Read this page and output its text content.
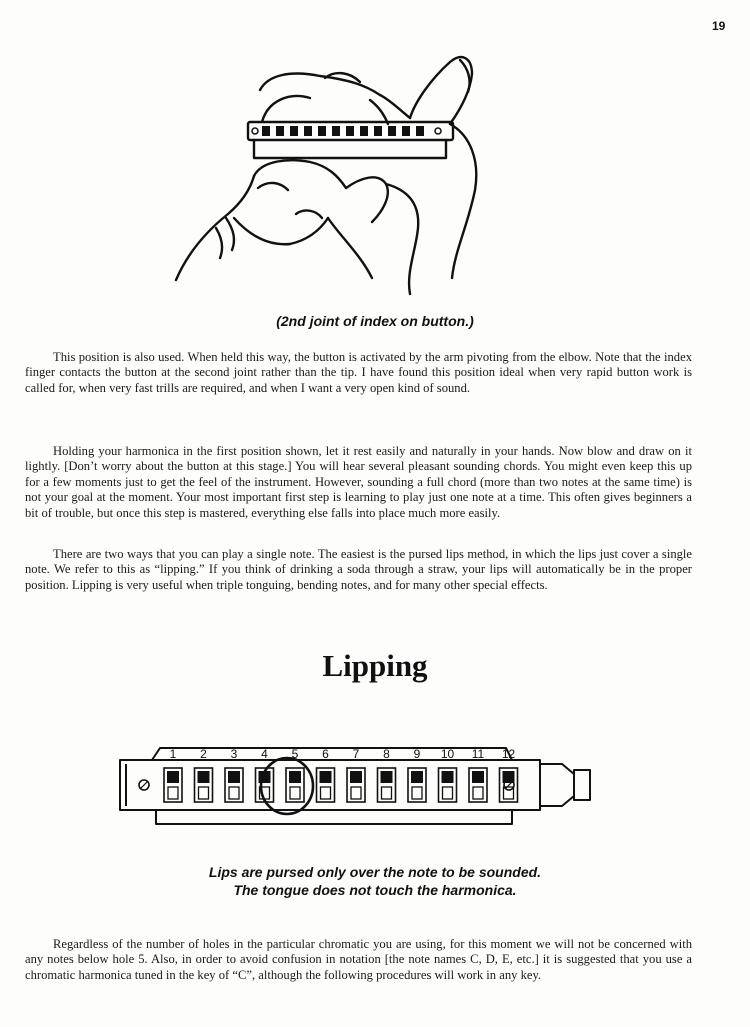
19
(2nd joint of index on button.)

This position is also used. When held this way, the button is activated by the arm pivoting from the elbow. Note that the index finger contacts the button at the second joint rather than the tip. I have found this position ideal when very rapid button work is called for, when very fast trills are required, and when I want a very open kind of sound.

Holding your harmonica in the first position shown, let it rest easily and naturally in your hands. Now blow and draw on it lightly. [Don’t worry about the button at this stage.] You will hear several pleasant sounding chords. You might even keep this up for a few moments just to get the feel of the instrument. However, sounding a full chord (more than two notes at the same time) is not your goal at the moment. Your most important first step is learning to play just one note at a time. This often gives beginners a bit of trouble, but once this step is mastered, everything else falls into place much more easily.

There are two ways that you can play a single note. The easiest is the pursed lips method, in which the lips just cover a single note. We refer to this as “lipping.” If you think of drinking a soda through a straw, your lips will automatically be in the proper position. Lipping is very useful when triple tonguing, bending notes, and for many other special effects.

Lipping
1 2 3 4 5 6 7 8 9 10 11 12
Lips are pursed only over the note to be sounded.
The tongue does not touch the harmonica.

Regardless of the number of holes in the particular chromatic you are using, for this moment we will not be concerned with any notes below hole 5. Also, in order to avoid confusion in notation [the note names C, D, E, etc.] it is suggested that you use a chromatic harmonica tuned in the key of “C”, although the following procedures will work in any key.
